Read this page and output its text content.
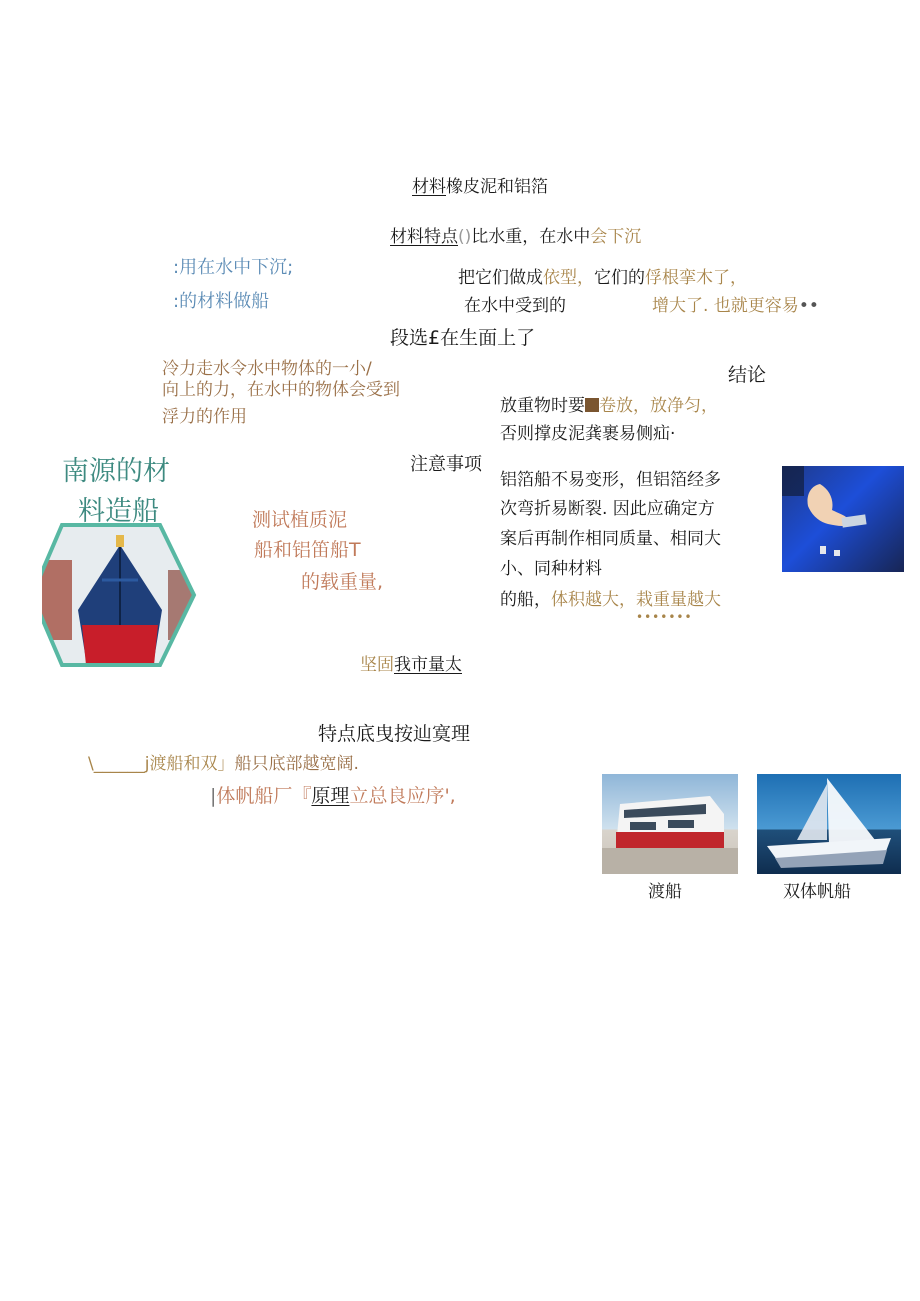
材料橡皮泥和铝箔
材料特点()比水重，在水中会下沉
:用在水中下沉;
:的材料做船
把它们做成依型，它们的俘根挛木了，
在水中受到的	增大了. 也就更容易••
段选£在生面上了
冷力走水令水中物体的一小/
向上的力，在水中的物体会受到
浮力的作用
结论
放重物时要 卷放，放净匀，
否则撑皮泥龚裹易侧疝·
南源的材
料造船
注意事项
铝箔船不易变形，但铝箔经多
次弯折易断裂. 因此应确定方
案后再制作相同质量、相同大
小、同种材料
的船，体积越大，栽重量越大
•••••••
测试植质泥
船和铝笛船T
的载重量,
坚固我市量太
特点底曳按辿寞理
\______j渡船和双」船只底部越宽阔.
|体帆船厂『原理立总良应序',
渡船	双体帆船
